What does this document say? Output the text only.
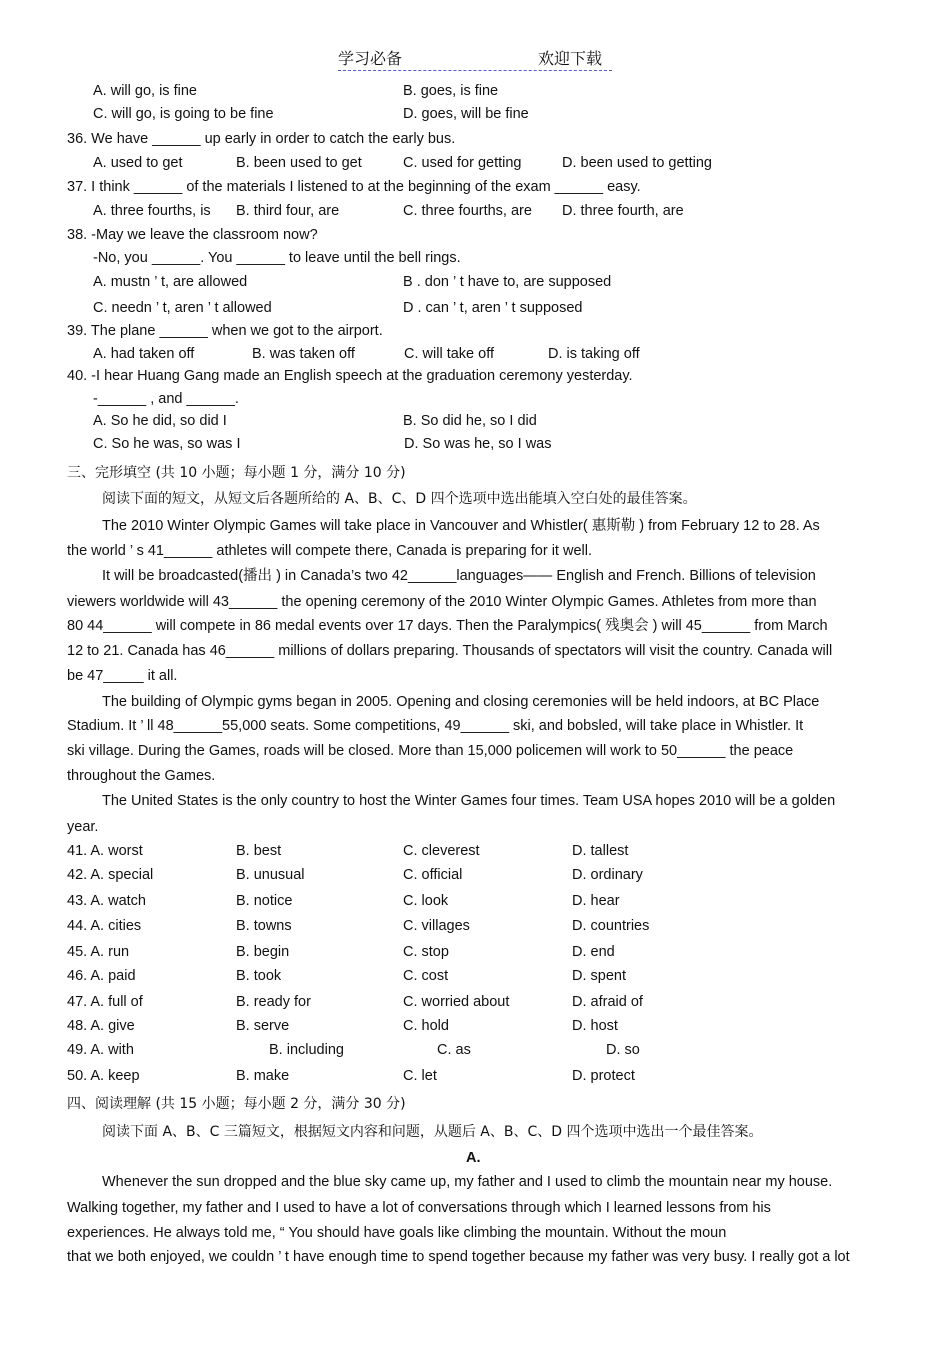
学习必备	欢迎下载
A. will go, is fine	B. goes, is fine
C. will go, is going to be fine	D. goes, will be fine
36. We have ______ up early in order to catch the early bus.
A. used to get	B. been used to get	C. used for getting	D. been used to getting
37. I think ______ of the materials I listened to at the beginning of the exam ______ easy.
A. three fourths, is B. third four, are	C. three fourths, are D. three fourth, are
38. -May we leave the classroom now?
-No, you ______. You ______ to leave until the bell rings.
A. mustn ’ t, are allowed	B . don ’ t have to, are supposed
C. needn ’ t, aren ’ t allowed	D . can ’ t, aren ’ t supposed
39. The plane ______ when we got to the airport.
A. had taken off	B. was taken off	C. will take off	D. is taking off
40. -I hear Huang Gang made an English speech at the graduation ceremony yesterday.
-______ , and ______.
A. So he did, so did I	B. So did he, so I did
C. So he was, so was I	D. So was he, so I was
三、完形填空 (共 10 小题；每小题 1 分，满分 10 分)
阅读下面的短文，从短文后各题所给的 A、B、C、D 四个选项中选出能填入空白处的最佳答案。
The 2010 Winter Olympic Games will take place in Vancouver and Whistler( 惠斯勒 ) from February 12 to 28. As
the world ’ s 41______ athletes will compete there, Canada is preparing for it well.
It will be broadcasted(播出 ) in Canada’s two 42______languages—— English and French. Billions of television
viewers worldwide will 43______ the opening ceremony of the 2010 Winter Olympic Games. Athletes from more than
80 44______ will compete in 86 medal events over 17 days. Then the Paralympics( 残奥会 ) will 45______ from March
12 to 21. Canada has 46______ millions of dollars preparing. Thousands of spectators will visit the country. Canada will
be 47_____ it all.
The building of Olympic gyms began in 2005. Opening and closing ceremonies will be held indoors, at BC Place
Stadium. It ’ ll 48______55,000 seats. Some competitions, 49______ ski, and bobsled, will take place in Whistler. It
ski village. During the Games, roads will be closed. More than 15,000 policemen will work to 50______ the peace
throughout the Games.
The United States is the only country to host the Winter Games four times. Team USA hopes 2010 will be a golden
year.
41. A. worst	B. best	C. cleverest	D. tallest
42. A. special	B. unusual	C. official	D. ordinary
43. A. watch	B. notice	C. look	D. hear
44. A. cities	B. towns	C. villages	D. countries
45. A. run	B. begin	C. stop	D. end
46. A. paid	B. took	C. cost	D. spent
47. A. full of	B. ready for	C. worried about	D. afraid of
48. A. give	B. serve	C. hold	D. host
49. A. with	B. including	C. as	D. so
50. A. keep	B. make	C. let	D. protect
四、阅读理解 (共 15 小题；每小题 2 分，满分 30 分)
阅读下面 A、B、C 三篇短文，根据短文内容和问题，从题后 A、B、C、D 四个选项中选出一个最佳答案。
A.
Whenever the sun dropped and the blue sky came up, my father and I used to climb the mountain near my house.
Walking together, my father and I used to have a lot of conversations through which I learned lessons from his
experiences. He always told me, “ You should have goals like climbing the mountain. Without the moun
that we both enjoyed, we couldn ’ t have enough time to spend together because my father was very busy. I really got a lot
